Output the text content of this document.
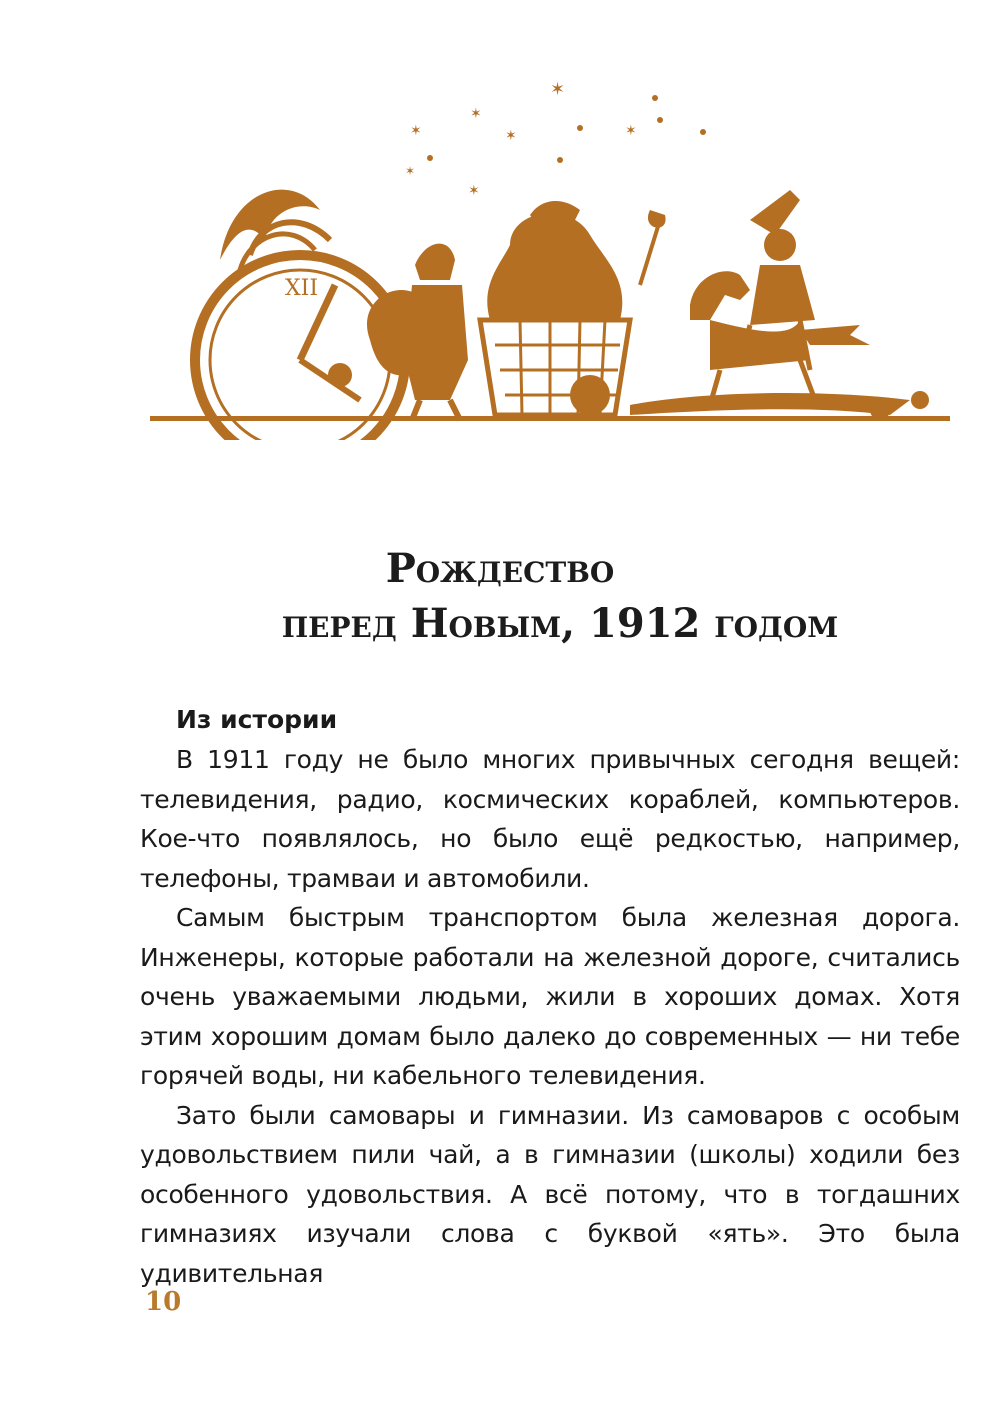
✶
✶
✶
✶	✶
✶
✶
XII
Рождество
перед Новым, 1912 годом

Из истории

В 1911 году не было многих привычных сегодня вещей: телевидения, радио, космических кораблей, компьютеров. Кое-что появлялось, но было ещё редкостью, например, телефоны, трамваи и автомобили.

Самым быстрым транспортом была железная дорога. Инженеры, которые работали на железной дороге, считались очень уважаемыми людьми, жили в хороших домах. Хотя этим хорошим домам было далеко до современных — ни тебе горячей воды, ни кабельного телевидения.

Зато были самовары и гимназии. Из самоваров с особым удовольствием пили чай, а в гимназии (школы) ходили без особенного удовольствия. А всё потому, что в тогдашних гимназиях изучали слова с буквой «ять». Это была удивительная

10
